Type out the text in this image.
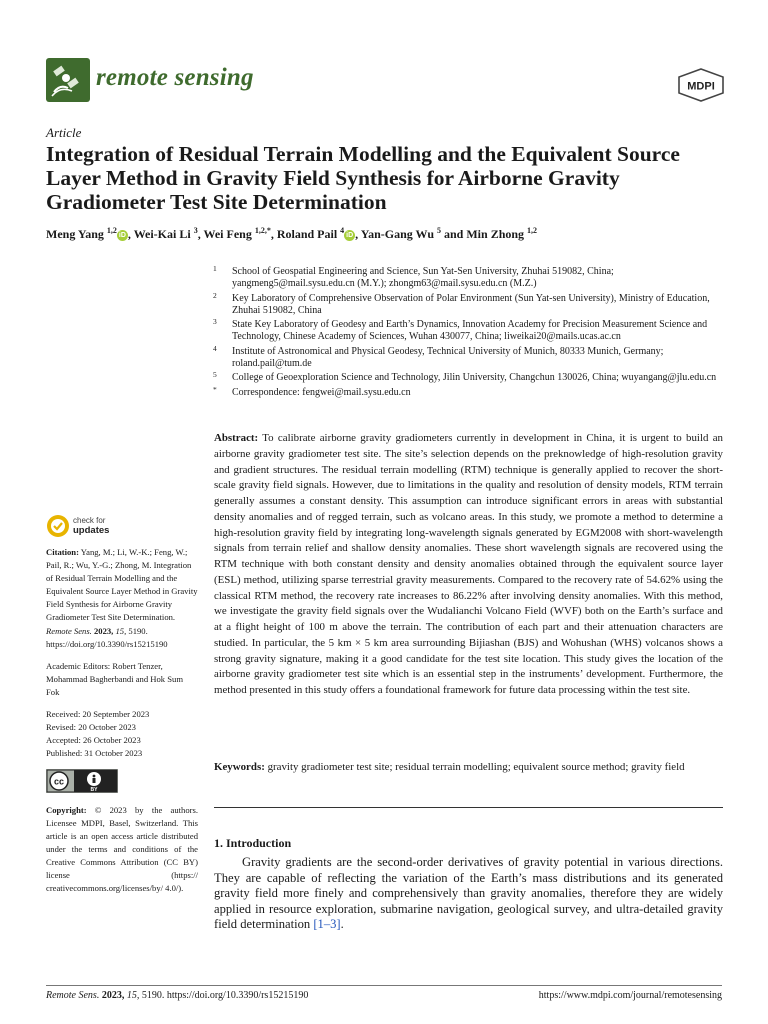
remote sensing	MDPI
Article
Integration of Residual Terrain Modelling and the Equivalent Source Layer Method in Gravity Field Synthesis for Airborne Gravity Gradiometer Test Site Determination
Meng Yang $^{1,2}$iD , Wei-Kai Li $^3$, Wei Feng $^{1,2,*}$, Roland Pail $^4$iD , Yan-Gang Wu $^5$ and Min Zhong $^{1,2}$
1 School of Geospatial Engineering and Science, Sun Yat-Sen University, Zhuhai 519082, China; yangmeng5@mail.sysu.edu.cn (M.Y.); zhongm63@mail.sysu.edu.cn (M.Z.)
2 Key Laboratory of Comprehensive Observation of Polar Environment (Sun Yat-sen University), Ministry of Education, Zhuhai 519082, China
3 State Key Laboratory of Geodesy and Earth’s Dynamics, Innovation Academy for Precision Measurement Science and Technology, Chinese Academy of Sciences, Wuhan 430077, China; liweikai20@mails.ucas.ac.cn
4 Institute of Astronomical and Physical Geodesy, Technical University of Munich, 80333 Munich, Germany; roland.pail@tum.de
5 College of Geoexploration Science and Technology, Jilin University, Changchun 130026, China; wuyangang@jlu.edu.cn
* Correspondence: fengwei@mail.sysu.edu.cn
Abstract: To calibrate airborne gravity gradiometers currently in development in China, it is urgent to build an airborne gravity gradiometer test site. The site’s selection depends on the preknowledge of high-resolution gravity and gradient structures. The residual terrain modelling (RTM) technique is generally applied to recover the short-scale gravity field signals. However, due to limitations in the quality and resolution of density models, RTM terrain generally assumes a constant density. This assumption can introduce significant errors in areas with substantial density anomalies and of regged terrain, such as volcano areas. In this study, we promote a method to determine a high-resolution gravity field by integrating long-wavelength signals generated by EGM2008 with short-wavelength signals from terrain relief and shallow density anomalies. These short wavelength signals are recovered using the RTM technique with both constant density and density anomalies obtained through the equivalent source layer (ESL) method, utilizing sparse terrestrial gravity measurements. Compared to the recovery rate of 54.62% using the classical RTM method, the recovery rate increases to 86.22% after involving density anomalies. With this method, we investigate the gravity field signals over the Wudalianchi Volcano Field (WVF) both on the Earth’s surface and at a flight height of 100 m above the terrain. The contribution of each part and their attenuation characters are studied. In particular, the 5 km × 5 km area surrounding Bijiashan (BJS) and Wohushan (WHS) volcanos shows a strong gravity signature, making it a good candidate for the test site location. This study gives the location of the airborne gravity gradiometer test site which is an essential step in the instruments’ development. Furthermore, the method presented in this study offers a foundational framework for future data processing within the test site.
Keywords: gravity gradiometer test site; residual terrain modelling; equivalent source method; gravity field
1. Introduction
Gravity gradients are the second-order derivatives of gravity potential in various directions. They are capable of reflecting the variation of the Earth’s mass distributions and its generated gravity field more finely and comprehensively than gravity anomalies, therefore they are widely applied in resource exploration, submarine navigation, geological survey, and ultra-detailed gravity field determination [1–3].
check for
updates
Citation: Yang, M.; Li, W.-K.; Feng, W.; Pail, R.; Wu, Y.-G.; Zhong, M. Integration of Residual Terrain Modelling and the Equivalent Source Layer Method in Gravity Field Synthesis for Airborne Gravity Gradiometer Test Site Determination. Remote Sens. 2023, 15, 5190. https://doi.org/10.3390/rs15215190
Academic Editors: Robert Tenzer, Mohammad Bagherbandi and Hok Sum Fok
Received: 20 September 2023
Revised: 20 October 2023
Accepted: 26 October 2023
Published: 31 October 2023
cc
BY
Copyright: © 2023 by the authors. Licensee MDPI, Basel, Switzerland. This article is an open access article distributed under the terms and conditions of the Creative Commons Attribution (CC BY) license (https:// creativecommons.org/licenses/by/ 4.0/).
Remote Sens. 2023, 15, 5190. https://doi.org/10.3390/rs15215190	https://www.mdpi.com/journal/remotesensing
